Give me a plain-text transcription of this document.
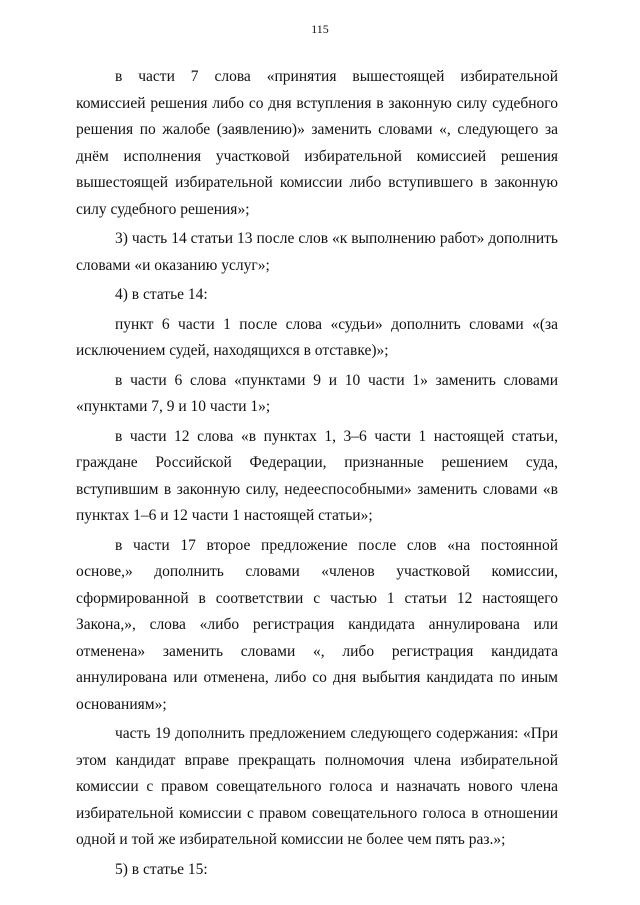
115

в части 7 слова «принятия вышестоящей избирательной комиссией решения либо со дня вступления в законную силу судебного решения по жалобе (заявлению)» заменить словами «, следующего за днём исполнения участковой избирательной комиссией решения вышестоящей избирательной комиссии либо вступившего в законную силу судебного решения»;

3) часть 14 статьи 13 после слов «к выполнению работ» дополнить словами «и оказанию услуг»;

4) в статье 14:

пункт 6 части 1 после слова «судьи» дополнить словами «(за исключением судей, находящихся в отставке)»;

в части 6 слова «пунктами 9 и 10 части 1» заменить словами «пунктами 7, 9 и 10 части 1»;

в части 12 слова «в пунктах 1, 3–6 части 1 настоящей статьи, граждане Российской Федерации, признанные решением суда, вступившим в законную силу, недееспособными» заменить словами «в пунктах 1–6 и 12 части 1 настоящей статьи»;

в части 17 второе предложение после слов «на постоянной основе,» дополнить словами «членов участковой комиссии, сформированной в соответствии с частью 1 статьи 12 настоящего Закона,», слова «либо регистрация кандидата аннулирована или отменена» заменить словами «, либо регистрация кандидата аннулирована или отменена, либо со дня выбытия кандидата по иным основаниям»;

часть 19 дополнить предложением следующего содержания: «При этом кандидат вправе прекращать полномочия члена избирательной комиссии с правом совещательного голоса и назначать нового члена избирательной комиссии с правом совещательного голоса в отношении одной и той же избирательной комиссии не более чем пять раз.»;

5) в статье 15:
